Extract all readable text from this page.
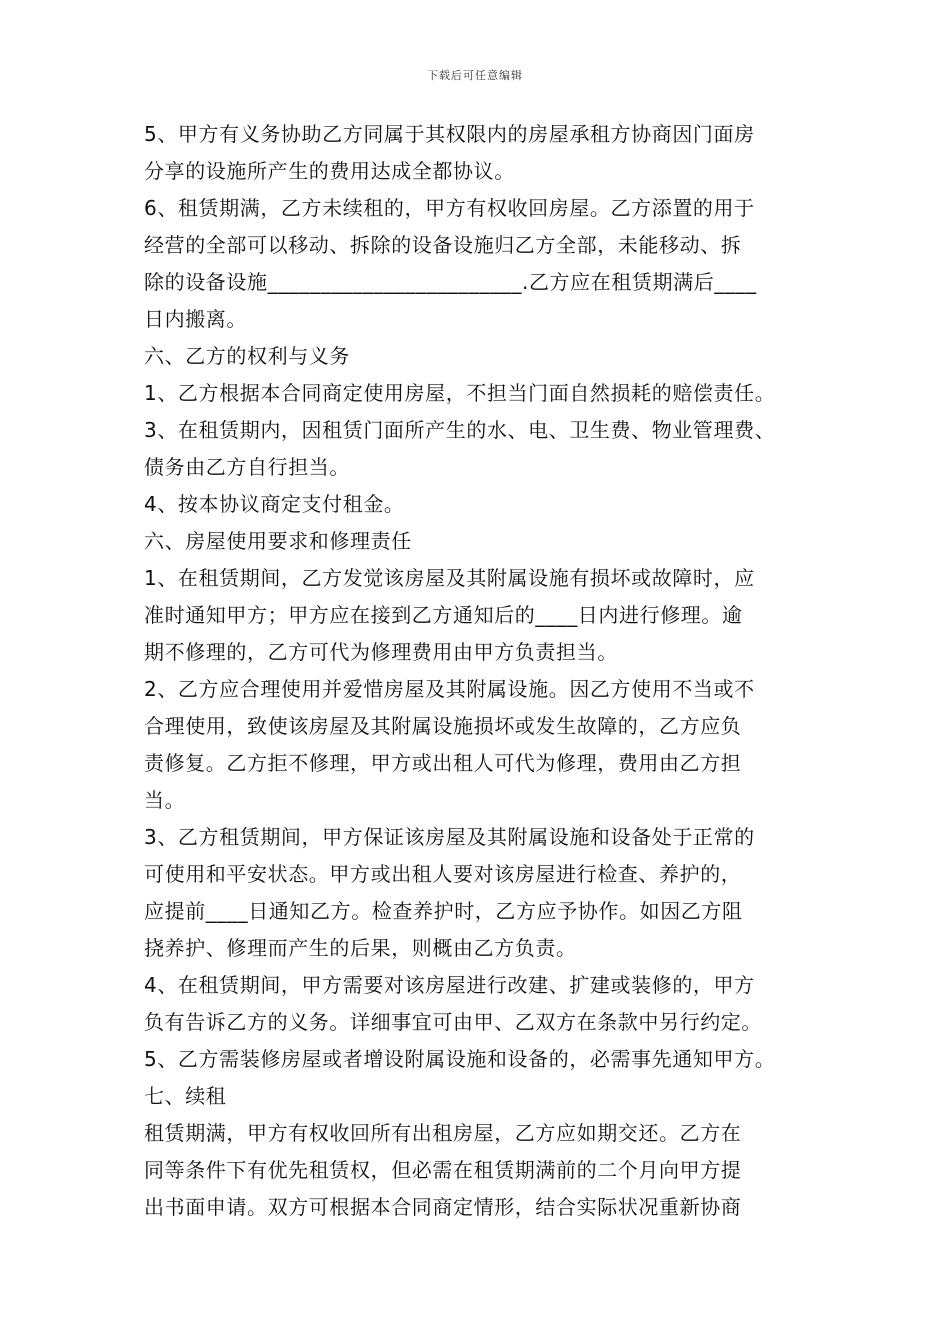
下载后可任意编辑
5、甲方有义务协助乙方同属于其权限内的房屋承租方协商因门面房
分享的设施所产生的费用达成全都协议。
6、租赁期满，乙方未续租的，甲方有权收回房屋。乙方添置的用于
经营的全部可以移动、拆除的设备设施归乙方全部，未能移动、拆
除的设备设施________________________.乙方应在租赁期满后____
日内搬离。
六、乙方的权利与义务
1、乙方根据本合同商定使用房屋，不担当门面自然损耗的赔偿责任。
3、在租赁期内，因租赁门面所产生的水、电、卫生费、物业管理费、
债务由乙方自行担当。
4、按本协议商定支付租金。
六、房屋使用要求和修理责任
1、在租赁期间，乙方发觉该房屋及其附属设施有损坏或故障时，应
准时通知甲方；甲方应在接到乙方通知后的____日内进行修理。逾
期不修理的，乙方可代为修理费用由甲方负责担当。
2、乙方应合理使用并爱惜房屋及其附属设施。因乙方使用不当或不
合理使用，致使该房屋及其附属设施损坏或发生故障的，乙方应负
责修复。乙方拒不修理，甲方或出租人可代为修理，费用由乙方担
当。
3、乙方租赁期间，甲方保证该房屋及其附属设施和设备处于正常的
可使用和平安状态。甲方或出租人要对该房屋进行检查、养护的，
应提前____日通知乙方。检查养护时，乙方应予协作。如因乙方阻
挠养护、修理而产生的后果，则概由乙方负责。
4、在租赁期间，甲方需要对该房屋进行改建、扩建或装修的，甲方
负有告诉乙方的义务。详细事宜可由甲、乙双方在条款中另行约定。
5、乙方需装修房屋或者增设附属设施和设备的，必需事先通知甲方。
七、续租
租赁期满，甲方有权收回所有出租房屋，乙方应如期交还。乙方在
同等条件下有优先租赁权，但必需在租赁期满前的二个月向甲方提
出书面申请。双方可根据本合同商定情形，结合实际状况重新协商
